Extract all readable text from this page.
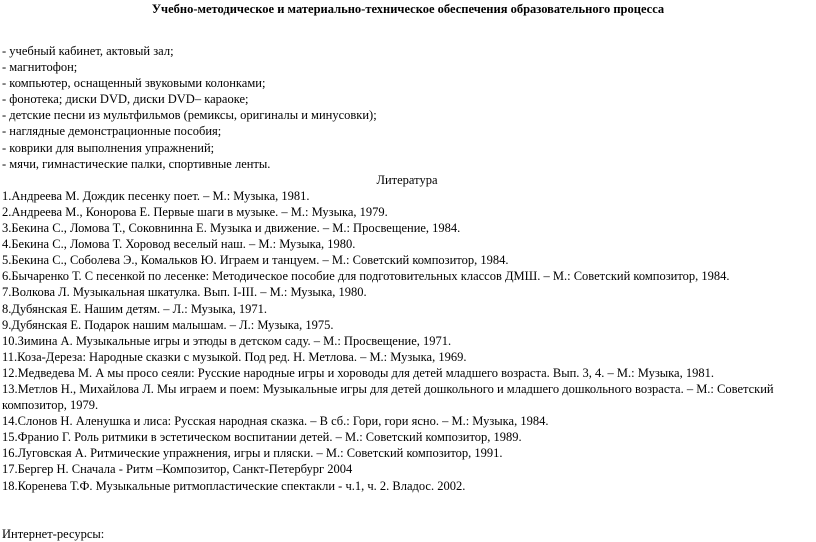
Учебно-методическое и материально-техническое обеспечения образовательного процесса
- учебный кабинет, актовый зал;
- магнитофон;
- компьютер, оснащенный звуковыми колонками;
- фонотека; диски DVD, диски DVD– караоке;
- детские песни из мультфильмов (ремиксы, оригиналы и минусовки);
- наглядные демонстрационные пособия;
- коврики для выполнения упражнений;
- мячи, гимнастические палки, спортивные ленты.
Литература
1.Андреева М. Дождик песенку поет. – М.: Музыка, 1981.
2.Андреева М., Конорова Е. Первые шаги в музыке. – М.: Музыка, 1979.
3.Бекина С., Ломова Т., Соковнинна Е. Музыка и движение. – М.: Просвещение, 1984.
4.Бекина С., Ломова Т. Хоровод веселый наш. – М.: Музыка, 1980.
5.Бекина С., Соболева Э., Комальков Ю. Играем и танцуем. – М.: Советский композитор, 1984.
6.Бычаренко Т. С песенкой по лесенке: Методическое пособие для подготовительных классов ДМШ. – М.: Советский композитор, 1984.
7.Волкова Л. Музыкальная шкатулка. Вып. I-III. – М.: Музыка, 1980.
8.Дубянская Е. Нашим детям. – Л.: Музыка, 1971.
9.Дубянская Е. Подарок нашим малышам. – Л.: Музыка, 1975.
10.Зимина А. Музыкальные игры и этюды в детском саду. – М.: Просвещение, 1971.
11.Коза-Дереза: Народные сказки с музыкой. Под ред. Н. Метлова. – М.: Музыка, 1969.
12.Медведева М. А мы просо сеяли: Русские народные игры и хороводы для детей младшего возраста. Вып. 3, 4. – М.: Музыка, 1981.
13.Метлов Н., Михайлова Л. Мы играем и поем: Музыкальные игры для детей дошкольного и младшего дошкольного возраста. – М.: Советский композитор, 1979.
14.Слонов Н. Аленушка и лиса: Русская народная сказка. – В сб.: Гори, гори ясно. – М.: Музыка, 1984.
15.Франио Г. Роль ритмики в эстетическом воспитании детей. – М.: Советский композитор, 1989.
16.Луговская А. Ритмические упражнения, игры и пляски. – М.: Советский композитор, 1991.
17.Бергер Н. Сначала - Ритм –Композитор, Санкт-Петербург 2004
18.Коренева Т.Ф. Музыкальные ритмопластические спектакли - ч.1, ч. 2. Владос. 2002.
Интернет-ресурсы:
